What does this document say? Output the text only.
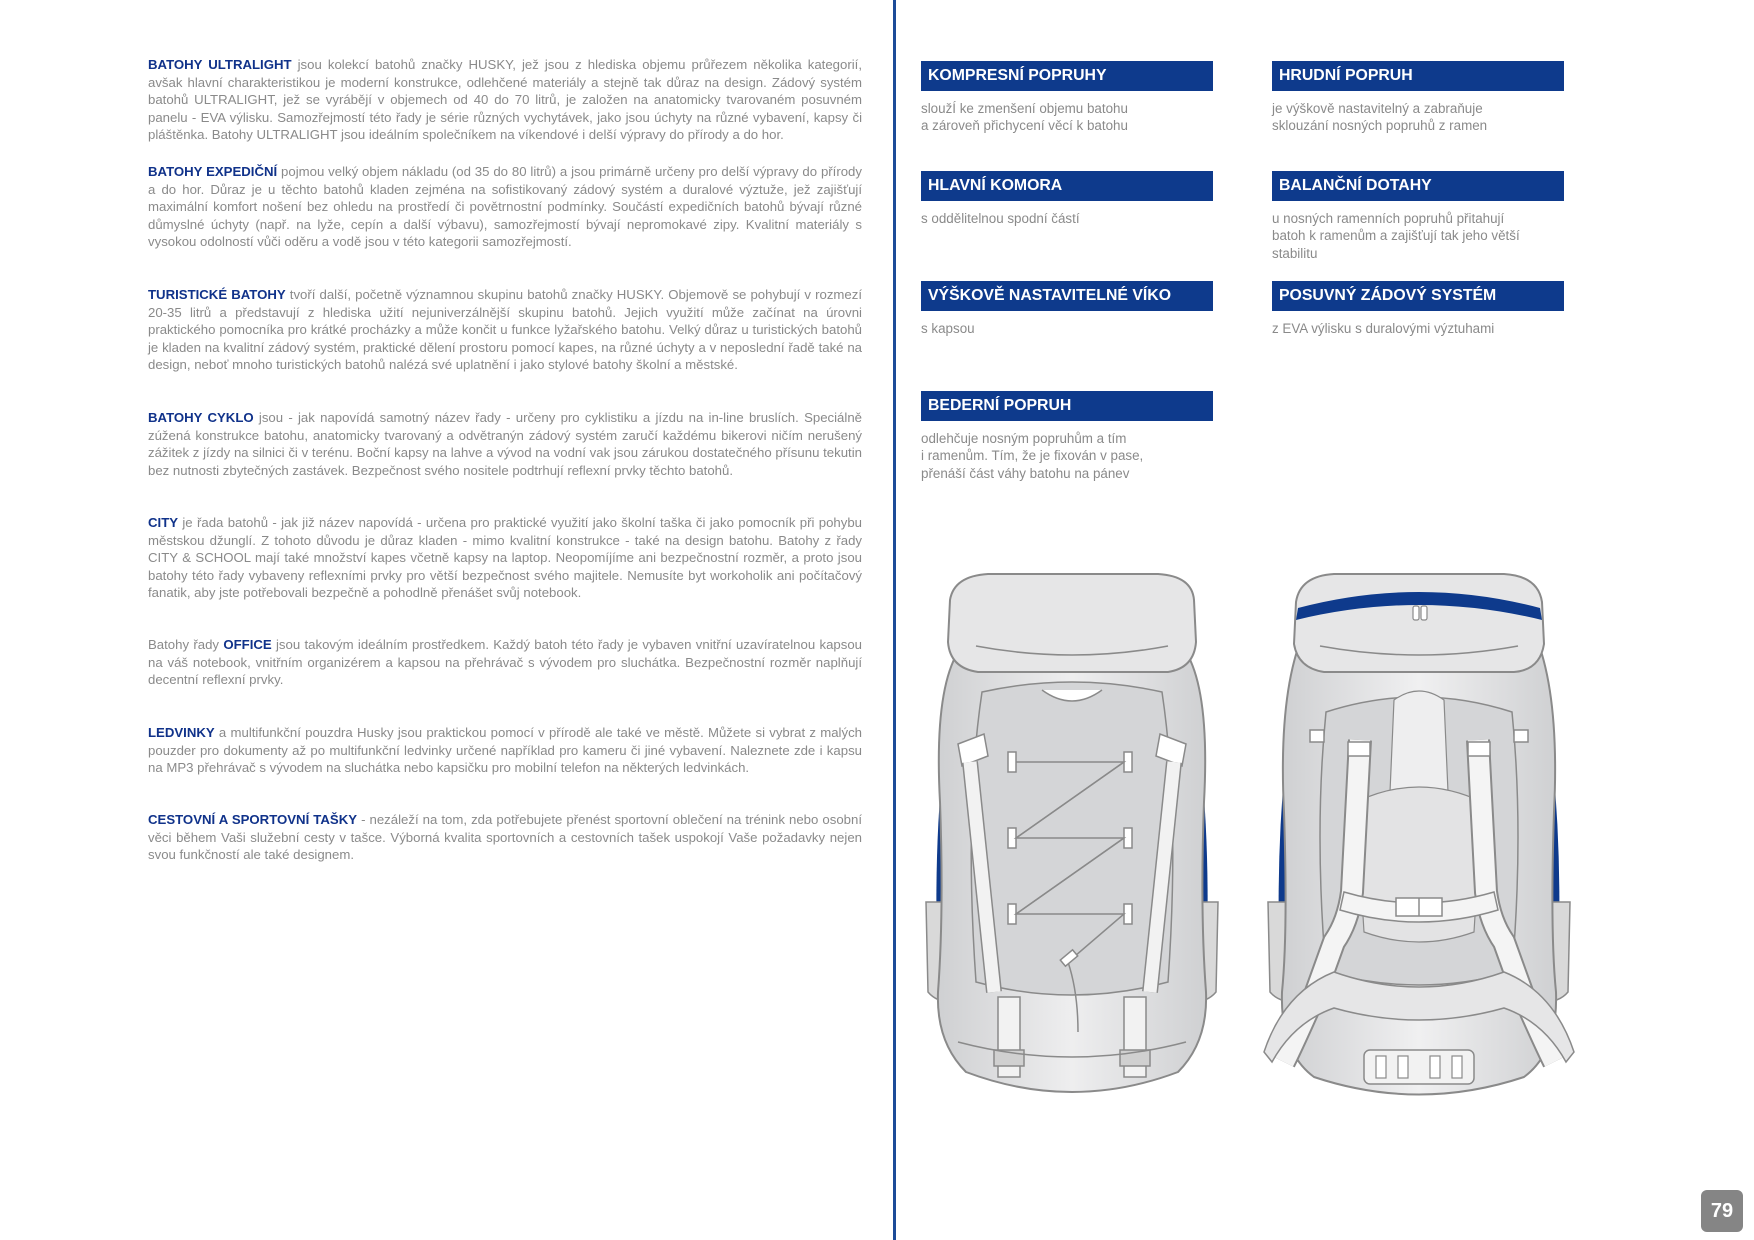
BATOHY ULTRALIGHT jsou kolekcí batohů značky HUSKY, jež jsou z hlediska objemu průřezem několika kategorií, avšak hlavní charakteristikou je moderní konstrukce, odlehčené materiály a stejně tak důraz na design. Zádový systém batohů ULTRALIGHT, jež se vyrábějí v objemech od 40 do 70 litrů, je založen na anatomicky tvarovaném posuvném panelu - EVA výlisku. Samozřejmostí této řady je série různých vychytávek, jako jsou úchyty na různé vybavení, kapsy či pláštěnka. Batohy ULTRALIGHT jsou ideálním společníkem na víkendové i delší výpravy do přírody a do hor.

BATOHY EXPEDIČNÍ pojmou velký objem nákladu (od 35 do 80 litrů) a jsou primárně určeny pro delší výpravy do přírody a do hor. Důraz je u těchto batohů kladen zejména na sofistikovaný zádový systém a duralové výztuže, jež zajišťují maximální komfort nošení bez ohledu na prostředí či povětrnostní podmínky. Součástí expedičních batohů bývají různé důmyslné úchyty (např. na lyže, cepín a další výbavu), samozřejmostí bývají nepromokavé zipy. Kvalitní materiály s vysokou odolností vůči oděru a vodě jsou v této kategorii samozřejmostí.

TURISTICKÉ BATOHY tvoří další, početně významnou skupinu batohů značky HUSKY. Objemově se pohybují v rozmezí 20-35 litrů a představují z hlediska užití nejuniverzálnější skupinu batohů. Jejich využití může začínat na úrovni praktického pomocníka pro krátké procházky a může končit u funkce lyžařského batohu. Velký důraz u turistických batohů je kladen na kvalitní zádový systém, praktické dělení prostoru pomocí kapes, na různé úchyty a v neposlední řadě také na design, neboť mnoho turistických batohů nalézá své uplatnění i jako stylové batohy školní a městské.

BATOHY CYKLO jsou - jak napovídá samotný název řady - určeny pro cyklistiku a jízdu na in-line bruslích. Speciálně zúžená konstrukce batohu, anatomicky tvarovaný a odvětranýn zádový systém zaručí každému bikerovi ničím nerušený zážitek z jízdy na silnici či v terénu. Boční kapsy na lahve a vývod na vodní vak jsou zárukou dostatečného přísunu tekutin bez nutnosti zbytečných zastávek. Bezpečnost svého nositele podtrhují reflexní prvky těchto batohů.

CITY je řada batohů - jak již název napovídá - určena pro praktické využití jako školní taška či jako pomocník při pohybu městskou džunglí. Z tohoto důvodu je důraz kladen - mimo kvalitní konstrukce - také na design batohu. Batohy z řady CITY & SCHOOL mají také množství kapes včetně kapsy na laptop. Neopomíjíme ani bezpečnostní rozměr, a proto jsou batohy této řady vybaveny reflexními prvky pro větší bezpečnost svého majitele. Nemusíte byt workoholik ani počítačový fanatik, aby jste potřebovali bezpečně a pohodlně přenášet svůj notebook.

Batohy řady OFFICE jsou takovým ideálním prostředkem. Každý batoh této řady je vybaven vnitřní uzavíratelnou kapsou na váš notebook, vnitřním organizérem a kapsou na přehrávač s vývodem pro sluchátka. Bezpečnostní rozměr naplňují decentní reflexní prvky.

LEDVINKY a multifunkční pouzdra Husky jsou praktickou pomocí v přírodě ale také ve městě. Můžete si vybrat z malých pouzder pro dokumenty až po multifunkční ledvinky určené například pro kameru či jiné vybavení. Naleznete zde i kapsu na MP3 přehrávač s vývodem na sluchátka nebo kapsičku pro mobilní telefon na některých ledvinkách.

CESTOVNÍ A SPORTOVNÍ TAŠKY - nezáleží na tom, zda potřebujete přenést sportovní oblečení na trénink nebo osobní věci během Vaši služební cesty v tašce. Výborná kvalita sportovních a cestovních tašek uspokojí Vaše požadavky nejen svou funkčností ale také designem.

KOMPRESNÍ POPRUHY
sloužÍ ke zmenšení objemu batohu
a zároveň přichycení věcí k batohu
HRUDNÍ POPRUH
je výškově nastavitelný a zabraňuje
sklouzání nosných popruhů z ramen
HLAVNÍ KOMORA
s oddělitelnou spodní částí
BALANČNÍ DOTAHY
u nosných ramenních popruhů přitahují
batoh k ramenům a zajišťují tak jeho větší
stabilitu
VÝŠKOVĚ NASTAVITELNÉ VÍKO
s kapsou
POSUVNÝ ZÁDOVÝ SYSTÉM
z EVA výlisku s duralovými výztuhami
BEDERNÍ POPRUH
odlehčuje nosným popruhům a tím
i ramenům. Tím, že je fixován v pase,
přenáší část váhy batohu na pánev
79
